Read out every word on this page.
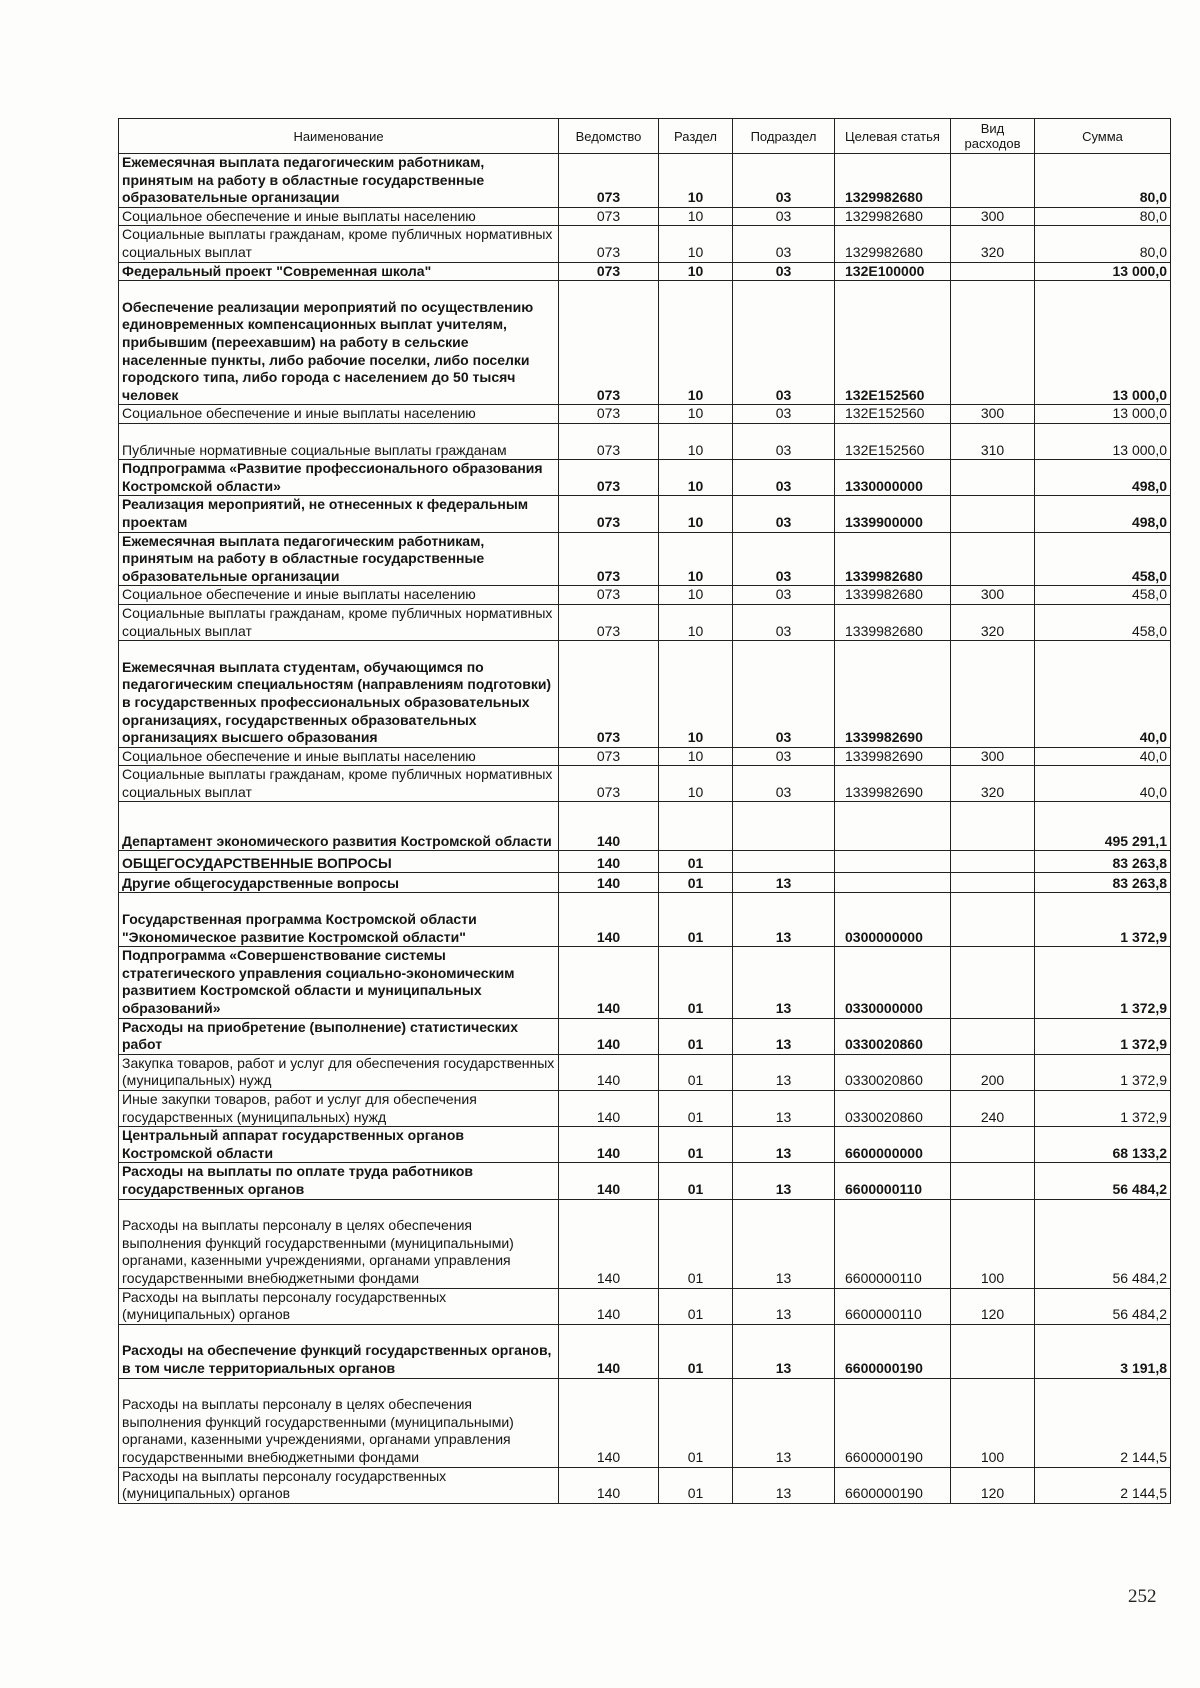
Наименование	Ведомство	Раздел	Подраздел	Целевая статья	Вид расходов	Сумма
Ежемесячная выплата педагогическим работникам, принятым на работу в областные государственные образовательные организации	073	10	03	1329982680		80,0
Социальное обеспечение и иные выплаты населению	073	10	03	1329982680	300	80,0
Социальные выплаты гражданам, кроме публичных нормативных социальных выплат	073	10	03	1329982680	320	80,0
Федеральный проект "Современная школа"	073	10	03	132E100000		13 000,0
Обеспечение реализации мероприятий по осуществлению единовременных компенсационных выплат учителям, прибывшим (переехавшим) на работу в сельские населенные пункты, либо рабочие поселки, либо поселки городского типа, либо города с населением до 50 тысяч человек	073	10	03	132E152560		13 000,0
Социальное обеспечение и иные выплаты населению	073	10	03	132E152560	300	13 000,0
Публичные нормативные социальные выплаты гражданам	073	10	03	132E152560	310	13 000,0
Подпрограмма «Развитие профессионального образования Костромской области»	073	10	03	1330000000		498,0
Реализация мероприятий, не отнесенных к федеральным проектам	073	10	03	1339900000		498,0
Ежемесячная выплата педагогическим работникам, принятым на работу в областные государственные образовательные организации	073	10	03	1339982680		458,0
Социальное обеспечение и иные выплаты населению	073	10	03	1339982680	300	458,0
Социальные выплаты гражданам, кроме публичных нормативных социальных выплат	073	10	03	1339982680	320	458,0
Ежемесячная выплата студентам, обучающимся по педагогическим специальностям (направлениям подготовки) в государственных профессиональных образовательных организациях, государственных образовательных организациях высшего образования	073	10	03	1339982690		40,0
Социальное обеспечение и иные выплаты населению	073	10	03	1339982690	300	40,0
Социальные выплаты гражданам, кроме публичных нормативных социальных выплат	073	10	03	1339982690	320	40,0
Департамент экономического развития Костромской области	140					495 291,1
ОБЩЕГОСУДАРСТВЕННЫЕ ВОПРОСЫ	140	01				83 263,8
Другие общегосударственные вопросы	140	01	13			83 263,8
Государственная программа Костромской области "Экономическое развитие Костромской области"	140	01	13	0300000000		1 372,9
Подпрограмма «Совершенствование системы стратегического управления социально-экономическим развитием Костромской области и муниципальных образований»	140	01	13	0330000000		1 372,9
Расходы на приобретение (выполнение) статистических работ	140	01	13	0330020860		1 372,9
Закупка товаров, работ и услуг для обеспечения государственных (муниципальных) нужд	140	01	13	0330020860	200	1 372,9
Иные закупки товаров, работ и услуг для обеспечения государственных (муниципальных) нужд	140	01	13	0330020860	240	1 372,9
Центральный аппарат государственных органов Костромской области	140	01	13	6600000000		68 133,2
Расходы на выплаты по оплате труда работников государственных органов	140	01	13	6600000110		56 484,2
Расходы на выплаты персоналу в целях обеспечения выполнения функций государственными (муниципальными) органами, казенными учреждениями, органами управления государственными внебюджетными фондами	140	01	13	6600000110	100	56 484,2
Расходы на выплаты персоналу государственных (муниципальных) органов	140	01	13	6600000110	120	56 484,2
Расходы на обеспечение функций государственных органов, в том числе территориальных органов	140	01	13	6600000190		3 191,8
Расходы на выплаты персоналу в целях обеспечения выполнения функций государственными (муниципальными) органами, казенными учреждениями, органами управления государственными внебюджетными фондами	140	01	13	6600000190	100	2 144,5
Расходы на выплаты персоналу государственных (муниципальных) органов	140	01	13	6600000190	120	2 144,5
252
